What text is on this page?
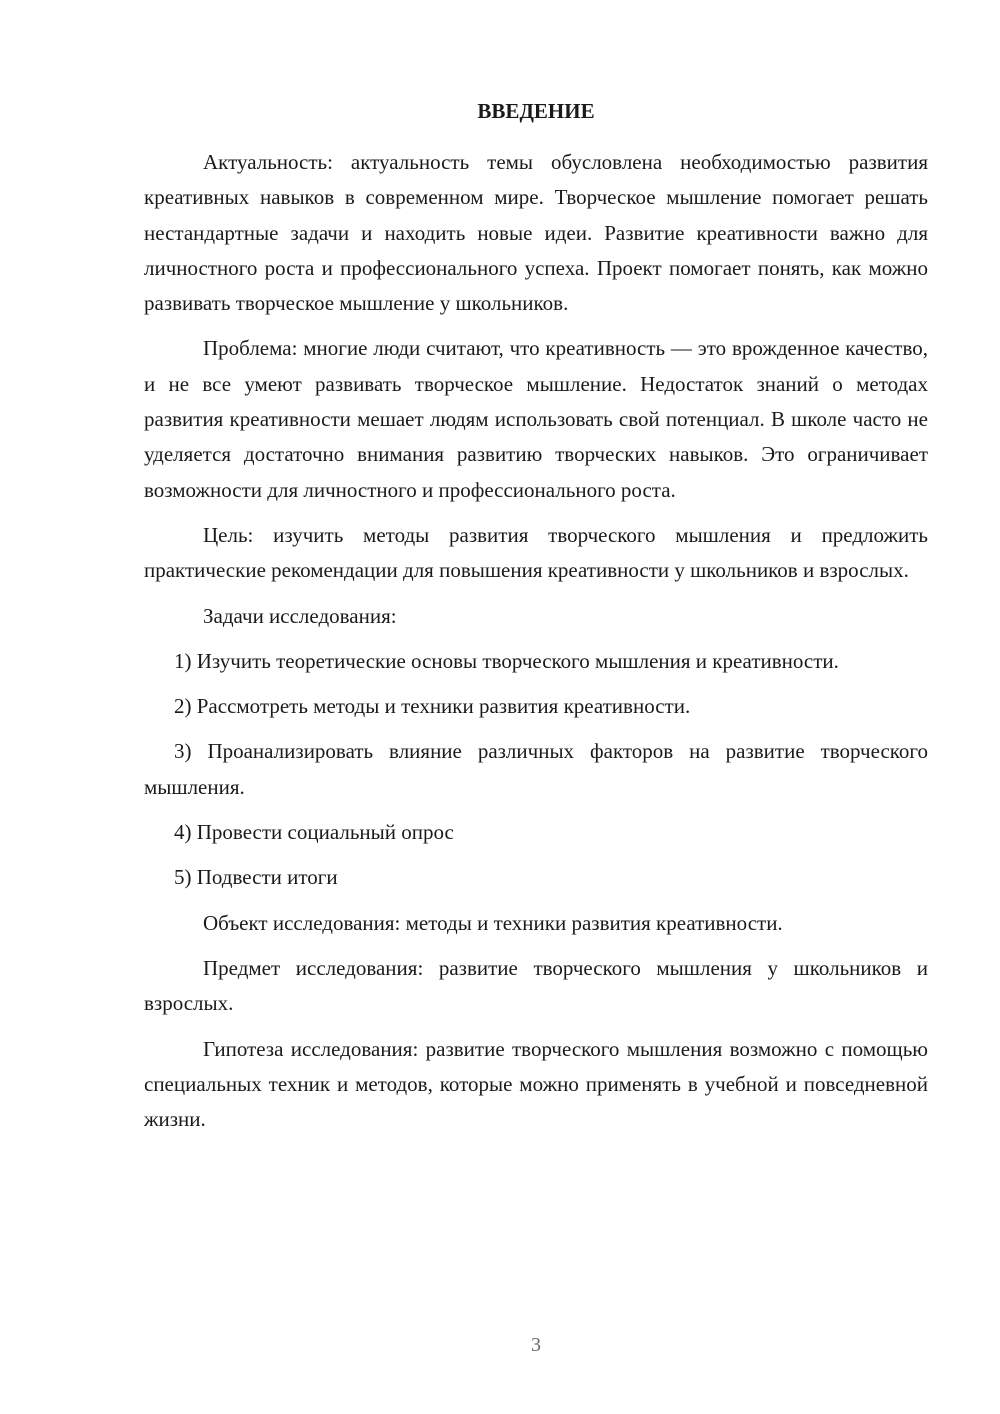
ВВЕДЕНИЕ

Актуальность: актуальность темы обусловлена необходимостью развития креативных навыков в современном мире. Творческое мышление помогает решать нестандартные задачи и находить новые идеи. Развитие креативности важно для личностного роста и профессионального успеха. Проект помогает понять, как можно развивать творческое мышление у школьников.

Проблема: многие люди считают, что креативность — это врожденное качество, и не все умеют развивать творческое мышление. Недостаток знаний о методах развития креативности мешает людям использовать свой потенциал. В школе часто не уделяется достаточно внимания развитию творческих навыков. Это ограничивает возможности для личностного и профессионального роста.

Цель: изучить методы развития творческого мышления и предложить практические рекомендации для повышения креативности у школьников и взрослых.

Задачи исследования:

1) Изучить теоретические основы творческого мышления и креативности.

2) Рассмотреть методы и техники развития креативности.

3) Проанализировать влияние различных факторов на развитие творческого мышления.

4) Провести социальный опрос

5) Подвести итоги

Объект исследования: методы и техники развития креативности.

Предмет исследования: развитие творческого мышления у школьников и взрослых.

Гипотеза исследования: развитие творческого мышления возможно с помощью специальных техник и методов, которые можно применять в учебной и повседневной жизни.

3
